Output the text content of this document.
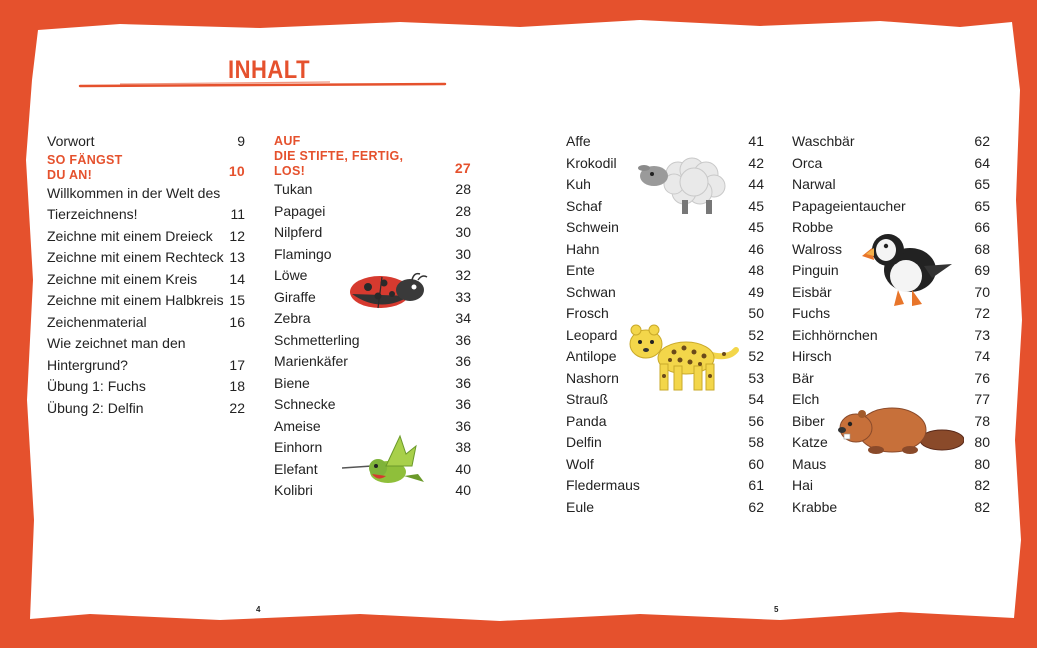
INHALT
Vorwort	9
SO FÄNGST
DU AN!	10
Willkommen in der Welt des
Tierzeichnens!	11
Zeichne mit einem Dreieck 12
Zeichne mit einem Rechteck 13
Zeichne mit einem Kreis 14
Zeichne mit einem Halbkreis 15
Zeichenmaterial	16
Wie zeichnet man den
Hintergrund?	17
Übung 1: Fuchs	18
Übung 2: Delfin	22
AUF
DIE STIFTE, FERTIG,
LOS!	27
Tukan	28
Papagei	28
Nilpferd	30
Flamingo	30
Löwe	32
Giraffe	33
Zebra	34
Schmetterling	36
Marienkäfer	36
Biene	36
Schnecke	36
Ameise	36
Einhorn	38
Elefant	40
Kolibri	40
Affe	41
Krokodil	42
Kuh	44
Schaf	45
Schwein	45
Hahn	46
Ente	48
Schwan	49
Frosch	50
Leopard	52
Antilope	52
Nashorn	53
Strauß	54
Panda	56
Delfin	58
Wolf	60
Fledermaus	61
Eule	62
Waschbär	62
Orca	64
Narwal	65
Papageientaucher	65
Robbe	66
Walross	68
Pinguin	69
Eisbär	70
Fuchs	72
Eichhörnchen	73
Hirsch	74
Bär	76
Elch	77
Biber	78
Katze	80
Maus	80
Hai	82
Krabbe	82
4	5
